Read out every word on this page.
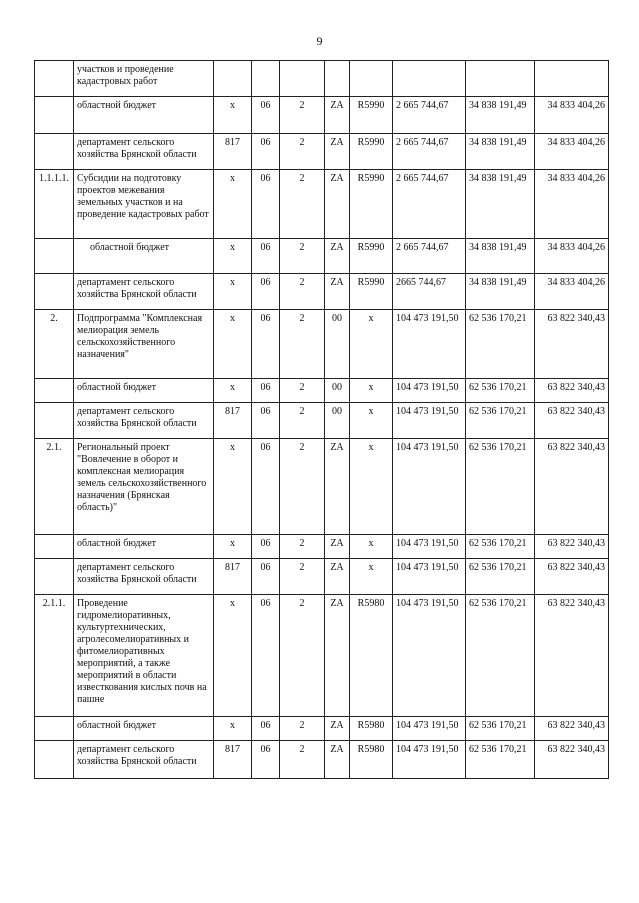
9
	участков и проведение кадастровых работ								
	областной бюджет	x	06	2	ZA	R5990	2 665 744,67	34 838 191,49	34 833 404,26
	департамент сельского хозяйства Брянской области	817	06	2	ZA	R5990	2 665 744,67	34 838 191,49	34 833 404,26
1.1.1.1.	Субсидии на подготовку проектов межевания земельных участков и на проведение кадастровых работ	x	06	2	ZA	R5990	2 665 744,67	34 838 191,49	34 833 404,26
	областной бюджет	x	06	2	ZA	R5990	2 665 744,67	34 838 191,49	34 833 404,26
	департамент сельского хозяйства Брянской области	x	06	2	ZA	R5990	2665 744,67	34 838 191,49	34 833 404,26
2.	Подпрограмма "Комплексная мелиорация земель сельскохозяйственного назначения"	x	06	2	00	x	104 473 191,50	62 536 170,21	63 822 340,43
	областной бюджет	x	06	2	00	x	104 473 191,50	62 536 170,21	63 822 340,43
	департамент сельского хозяйства Брянской области	817	06	2	00	x	104 473 191,50	62 536 170,21	63 822 340,43
2.1.	Региональный проект "Вовлечение в оборот и комплексная мелиорация земель сельскохозяйственного назначения (Брянская область)"	x	06	2	ZA	x	104 473 191,50	62 536 170,21	63 822 340,43
	областной бюджет	x	06	2	ZA	x	104 473 191,50	62 536 170,21	63 822 340,43
	департамент сельского хозяйства Брянской области	817	06	2	ZA	x	104 473 191,50	62 536 170,21	63 822 340,43
2.1.1.	Проведение гидромелиоративных, культуртехнических, агролесомелиоративных и фитомелиоративных мероприятий, а также мероприятий в области известкования кислых почв на пашне	x	06	2	ZA	R5980	104 473 191,50	62 536 170,21	63 822 340,43
	областной бюджет	x	06	2	ZA	R5980	104 473 191,50	62 536 170,21	63 822 340,43
	департамент сельского хозяйства Брянской области	817	06	2	ZA	R5980	104 473 191,50	62 536 170,21	63 822 340,43
